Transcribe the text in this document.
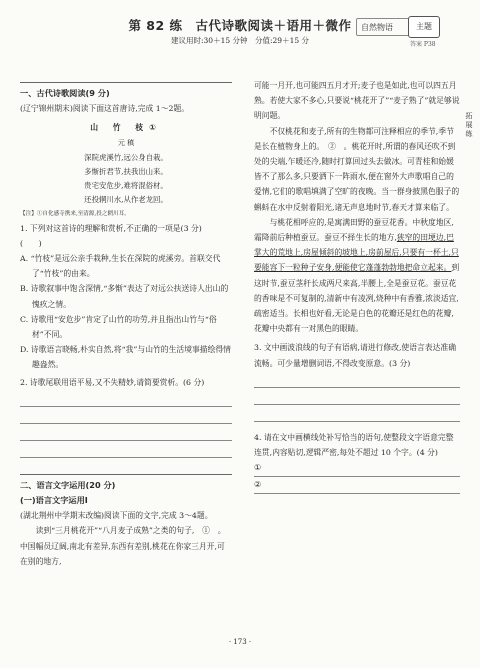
第 82 练　古代诗歌阅读＋语用＋微作
建议用时:30＋15 分钟　分值:29＋15 分
自然物语	主题
答案 P38
一、古代诗歌阅读(9 分)
(辽宁锦州期末)阅读下面这首唐诗,完成 1～2题。
山 竹 枝①
元 稹
深院虎溪竹,远公身自栽。
多惭折君节,扶我出山来。
贵宅安危步,难将混俗材。
还投辋川水,从作老龙回。
【注】①自化感寺携来,至清源,投之辋川耳。
1. 下列对这首诗的理解和赏析,不正确的一项是(3 分)　　　　　　　　　　(　　)
A. “竹枝”是远公亲手栽种,生长在深院的虎溪旁。首联交代了“竹枝”的由来。
B. 诗歌叙事中饱含深情,“多惭”表达了对远公扶送诗人出山的愧疚之情。
C. 诗歌用“安危步”肯定了山竹的功劳,并且指出山竹与“俗材”不同。
D. 诗歌语言晓畅,朴实自然,将“我”与山竹的生活境事描绘得情趣盎然。
2. 诗歌尾联用语平易,又不失精妙,请简要赏析。(6 分)
二、语言文字运用(20 分)
(一)语言文字运用Ⅰ
(湖北荆州中学期末改编)阅读下面的文字,完成 3～4题。
读到“三月桃花开”“八月麦子成熟”之类的句子,　①　。中国幅员辽阔,南北有差异,东西有差别,桃花在你家三月开,可在别的地方,
可能一月开,也可能四五月才开;麦子也是如此,也可以四五月熟。若使大家不多心,只要说“桃花开了”“麦子熟了”就足够说明问题。
不仅桃花和麦子,所有的生物都可注释相应的季节,季节是长在植物身上的。　②　。桃花开时,所谓的春风还吹不到处的尖端,乍暖还冷,随时打算回过头去做冰。可青桂和始媛皆不了那么多,只要洒下一阵雨水,便在窗外大声歌唱自己的爱情,它们的歌唱填满了空旷的夜晚。当一群身披黑色服子的蝌蚪在水中反射着阳光,诸无声息地时节,春天才算来临了。
与桃花相呼应的,是寓满田野的蚕豆花香。中秋度地区,霜降前后种植蚕豆。蚕豆不择生长的地方,狭窄的田埂边,巴掌大的荒地上,房屋倾斜的坡地上,房前屋后,只要有一杯土,只要能容下一粒种子安身,便能使它蓬蓬勃勃地把命立起来。到这时节,蚕豆茎秆长成两尺来高,半腰上,全是蚕豆花。蚕豆花的香味是不可复制的,清新中有凌冽,烧种中有香雅,浓淡适宜,疏密适当。长相也好看,无论是白色的花瓣还是红色的花瓣,花瓣中央都有一对黑色的眼睛。
3. 文中画波浪线的句子有语病,请进行修改,使语言表达准确流畅。可少量增删词语,不得改变原意。(3 分)
4. 请在文中画横线处补写恰当的语句,使整段文字语意完整连贯,内容贴切,逻辑严密,每处不超过 10 个字。(4 分)
①
②
拓展练
· 173 ·
